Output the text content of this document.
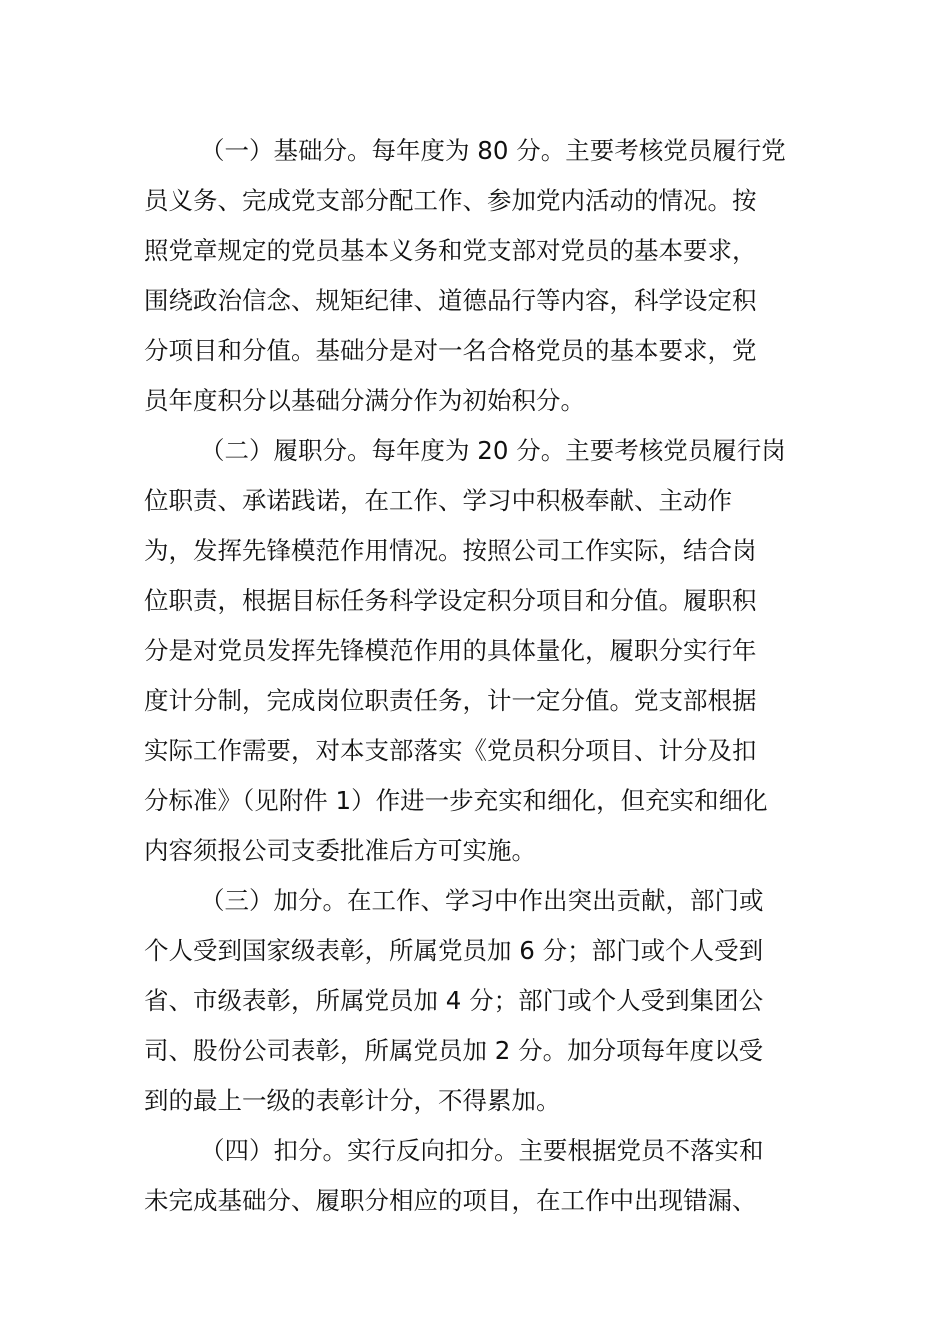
（一）基础分。每年度为 80 分。主要考核党员履行党
员义务、完成党支部分配工作、参加党内活动的情况。按
照党章规定的党员基本义务和党支部对党员的基本要求，
围绕政治信念、规矩纪律、道德品行等内容，科学设定积
分项目和分值。基础分是对一名合格党员的基本要求，党
员年度积分以基础分满分作为初始积分。
（二）履职分。每年度为 20 分。主要考核党员履行岗
位职责、承诺践诺，在工作、学习中积极奉献、主动作
为，发挥先锋模范作用情况。按照公司工作实际，结合岗
位职责，根据目标任务科学设定积分项目和分值。履职积
分是对党员发挥先锋模范作用的具体量化，履职分实行年
度计分制，完成岗位职责任务，计一定分值。党支部根据
实际工作需要，对本支部落实《党员积分项目、计分及扣
分标准》（见附件 1）作进一步充实和细化，但充实和细化
内容须报公司支委批准后方可实施。
（三）加分。在工作、学习中作出突出贡献，部门或
个人受到国家级表彰，所属党员加 6 分；部门或个人受到
省、市级表彰，所属党员加 4 分；部门或个人受到集团公
司、股份公司表彰，所属党员加 2 分。加分项每年度以受
到的最上一级的表彰计分，不得累加。
（四）扣分。实行反向扣分。主要根据党员不落实和
未完成基础分、履职分相应的项目，在工作中出现错漏、
